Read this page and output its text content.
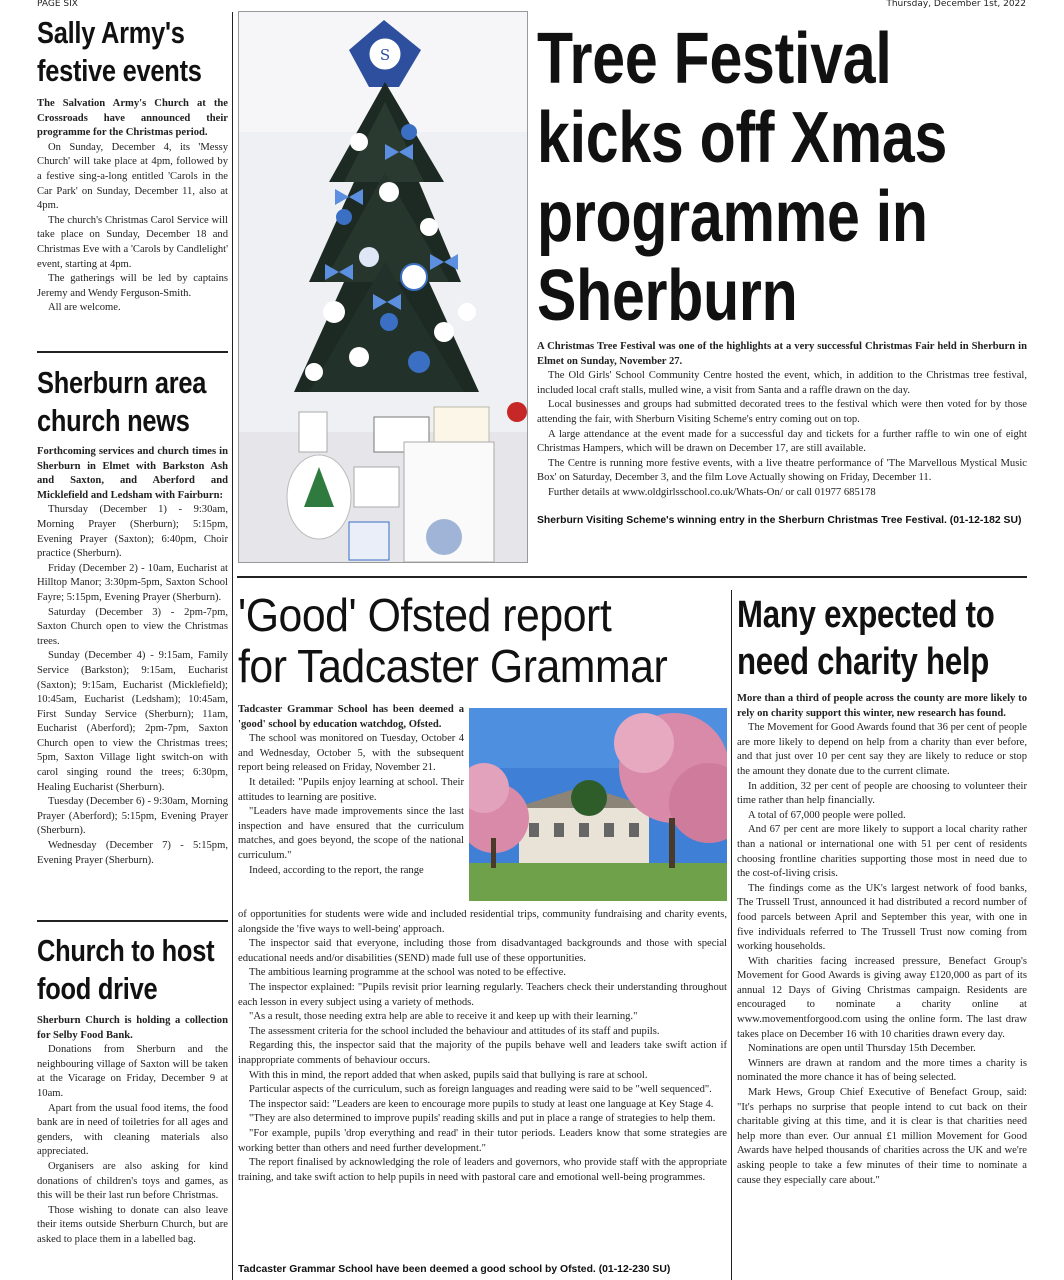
PAGE SIX	Thursday, December 1st, 2022
Sally Army's
festive events

The Salvation Army's Church at the Crossroads have announced their programme for the Christmas period.

On Sunday, December 4, its 'Messy Church' will take place at 4pm, followed by a festive sing-a-long entitled 'Carols in the Car Park' on Sunday, December 11, also at 4pm.

The church's Christmas Carol Service will take place on Sunday, December 18 and Christmas Eve with a 'Carols by Candlelight' event, starting at 4pm.

The gatherings will be led by captains Jeremy and Wendy Ferguson-Smith.

All are welcome.

Sherburn area
church news

Forthcoming services and church times in Sherburn in Elmet with Barkston Ash and Saxton, and Aberford and Micklefield and Ledsham with Fairburn:

Thursday (December 1) - 9:30am, Morning Prayer (Sherburn); 5:15pm, Evening Prayer (Saxton); 6:40pm, Choir practice (Sherburn).

Friday (December 2) - 10am, Eucharist at Hilltop Manor; 3:30pm-5pm, Saxton School Fayre; 5:15pm, Evening Prayer (Sherburn).

Saturday (December 3) - 2pm-7pm, Saxton Church open to view the Christmas trees.

Sunday (December 4) - 9:15am, Family Service (Barkston); 9:15am, Eucharist (Saxton); 9:15am, Eucharist (Micklefield); 10:45am, Eucharist (Ledsham); 10:45am, First Sunday Service (Sherburn); 11am, Eucharist (Aberford); 2pm-7pm, Saxton Church open to view the Christmas trees; 5pm, Saxton Village light switch-on with carol singing round the trees; 6:30pm, Healing Eucharist (Sherburn).

Tuesday (December 6) - 9:30am, Morning Prayer (Aberford); 5:15pm, Evening Prayer (Sherburn).

Wednesday (December 7) - 5:15pm, Evening Prayer (Sherburn).

Church to host
food drive

Sherburn Church is holding a collection for Selby Food Bank.

Donations from Sherburn and the neighbouring village of Saxton will be taken at the Vicarage on Friday, December 9 at 10am.

Apart from the usual food items, the food bank are in need of toiletries for all ages and genders, with cleaning materials also appreciated.

Organisers are also asking for kind donations of children's toys and games, as this will be their last run before Christmas.

Those wishing to donate can also leave their items outside Sherburn Church, but are asked to place them in a labelled bag.

S Tree Festival
kicks off Xmas
programme in
Sherburn

A Christmas Tree Festival was one of the highlights at a very successful Christmas Fair held in Sherburn in Elmet on Sunday, November 27.

The Old Girls' School Community Centre hosted the event, which, in addition to the Christmas tree festival, included local craft stalls, mulled wine, a visit from Santa and a raffle drawn on the day.

Local businesses and groups had submitted decorated trees to the festival which were then voted for by those attending the fair, with Sherburn Visiting Scheme's entry coming out on top.

A large attendance at the event made for a successful day and tickets for a further raffle to win one of eight Christmas Hampers, which will be drawn on December 17, are still available.

The Centre is running more festive events, with a live theatre performance of 'The Marvellous Mystical Music Box' on Saturday, December 3, and the film Love Actually showing on Friday, December 11.

Further details at www.oldgirlsschool.co.uk/Whats-On/ or call 01977 685178

Sherburn Visiting Scheme's winning entry in the Sherburn Christmas Tree Festival. (01-12-182 SU)
'Good' Ofsted report
for Tadcaster Grammar

Tadcaster Grammar School has been deemed a 'good' school by education watchdog, Ofsted.

The school was monitored on Tuesday, October 4 and Wednesday, October 5, with the subsequent report being released on Friday, November 21.

It detailed: "Pupils enjoy learning at school. Their attitudes to learning are positive.

"Leaders have made improvements since the last inspection and have ensured that the curriculum matches, and goes beyond, the scope of the national curriculum."

Indeed, according to the report, the range

of opportunities for students were wide and included residential trips, community fundraising and charity events, alongside the 'five ways to well-being' approach.

The inspector said that everyone, including those from disadvantaged backgrounds and those with special educational needs and/or disabilities (SEND) made full use of these opportunities.

The ambitious learning programme at the school was noted to be effective.

The inspector explained: "Pupils revisit prior learning regularly. Teachers check their understanding throughout each lesson in every subject using a variety of methods.

"As a result, those needing extra help are able to receive it and keep up with their learning."

The assessment criteria for the school included the behaviour and attitudes of its staff and pupils.

Regarding this, the inspector said that the majority of the pupils behave well and leaders take swift action if inappropriate comments of behaviour occurs.

With this in mind, the report added that when asked, pupils said that bullying is rare at school.

Particular aspects of the curriculum, such as foreign languages and reading were said to be "well sequenced".

The inspector said: "Leaders are keen to encourage more pupils to study at least one language at Key Stage 4.

"They are also determined to improve pupils' reading skills and put in place a range of strategies to help them.

"For example, pupils 'drop everything and read' in their tutor periods. Leaders know that some strategies are working better than others and need further development."

The report finalised by acknowledging the role of leaders and governors, who provide staff with the appropriate training, and take swift action to help pupils in need with pastoral care and emotional well-being programmes.

Tadcaster Grammar School have been deemed a good school by Ofsted. (01-12-230 SU)
Many expected to
need charity help

More than a third of people across the county are more likely to rely on charity support this winter, new research has found.

The Movement for Good Awards found that 36 per cent of people are more likely to depend on help from a charity than ever before, and that just over 10 per cent say they are likely to reduce or stop the amount they donate due to the current climate.

In addition, 32 per cent of people are choosing to volunteer their time rather than help financially.

A total of 67,000 people were polled.

And 67 per cent are more likely to support a local charity rather than a national or international one with 51 per cent of residents choosing frontline charities supporting those most in need due to the cost-of-living crisis.

The findings come as the UK's largest network of food banks, The Trussell Trust, announced it had distributed a record number of food parcels between April and September this year, with one in five individuals referred to The Trussell Trust now coming from working households.

With charities facing increased pressure, Benefact Group's Movement for Good Awards is giving away £120,000 as part of its annual 12 Days of Giving Christmas campaign. Residents are encouraged to nominate a charity online at www.movementforgood.com using the online form. The last draw takes place on December 16 with 10 charities drawn every day.

Nominations are open until Thursday 15th December.

Winners are drawn at random and the more times a charity is nominated the more chance it has of being selected.

Mark Hews, Group Chief Executive of Benefact Group, said: "It's perhaps no surprise that people intend to cut back on their charitable giving at this time, and it is clear is that charities need help more than ever. Our annual £1 million Movement for Good Awards have helped thousands of charities across the UK and we're asking people to take a few minutes of their time to nominate a cause they especially care about."
